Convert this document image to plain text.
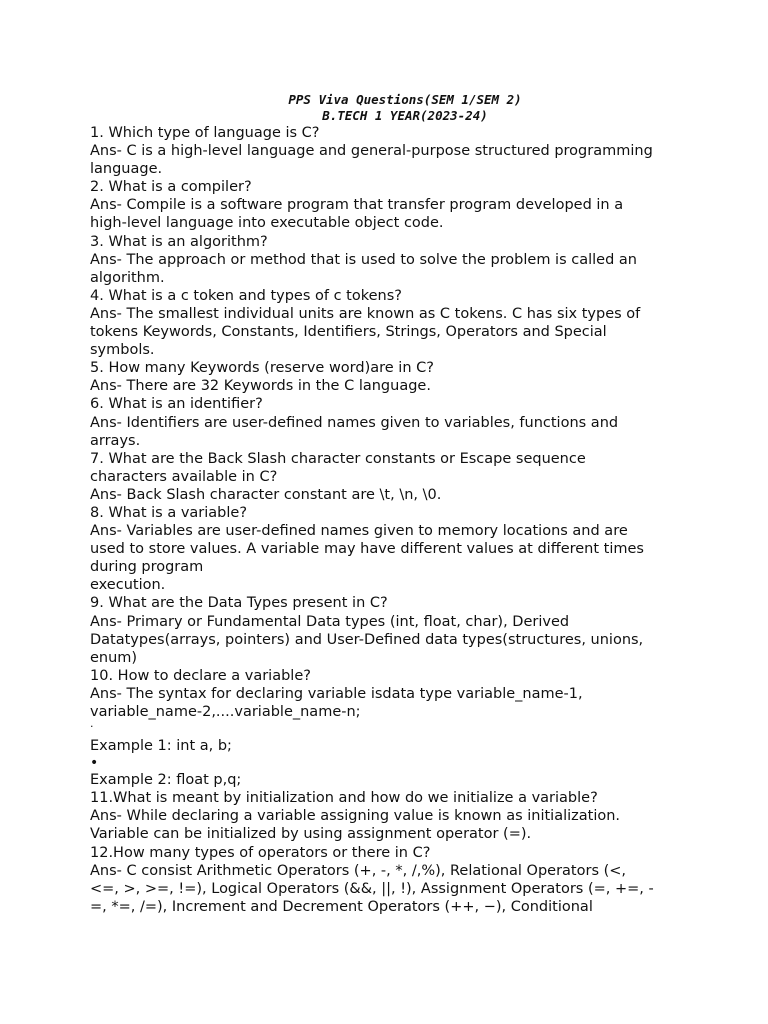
PPS Viva Questions(SEM 1/SEM 2)
B.TECH 1 YEAR(2023-24)
1. Which type of language is C?
Ans- C is a high-level language and general-purpose structured programming
language.
2. What is a compiler?
Ans- Compile is a software program that transfer program developed in a
high-level language into executable object code.
3. What is an algorithm?
Ans- The approach or method that is used to solve the problem is called an
algorithm.
4. What is a c token and types of c tokens?
Ans- The smallest individual units are known as C tokens. C has six types of
tokens Keywords, Constants, Identifiers, Strings, Operators and Special
symbols.
5. How many Keywords (reserve word)are in C?
Ans- There are 32 Keywords in the C language.
6. What is an identifier?
Ans- Identifiers are user-defined names given to variables, functions and
arrays.
7. What are the Back Slash character constants or Escape sequence
characters available in C?
Ans- Back Slash character constant are \t, \n, \0.
8. What is a variable?
Ans- Variables are user-defined names given to memory locations and are
used to store values. A variable may have different values at different times
during program
execution.
9. What are the Data Types present in C?
Ans- Primary or Fundamental Data types (int, float, char), Derived
Datatypes(arrays, pointers) and User-Defined data types(structures, unions,
enum)
10. How to declare a variable?
Ans- The syntax for declaring variable isdata type variable_name-1,
variable_name-2,....variable_name-n;
·
Example 1: int a, b;
•
Example 2: float p,q;
11.What is meant by initialization and how do we initialize a variable?
Ans- While declaring a variable assigning value is known as initialization.
Variable can be initialized by using assignment operator (=).
12.How many types of operators or there in C?
Ans- C consist Arithmetic Operators (+, -, *, /,%), Relational Operators (<,
<=, >, >=, !=), Logical Operators (&&, ||, !), Assignment Operators (=, +=, -
=, *=, /=), Increment and Decrement Operators (++, −), Conditional
